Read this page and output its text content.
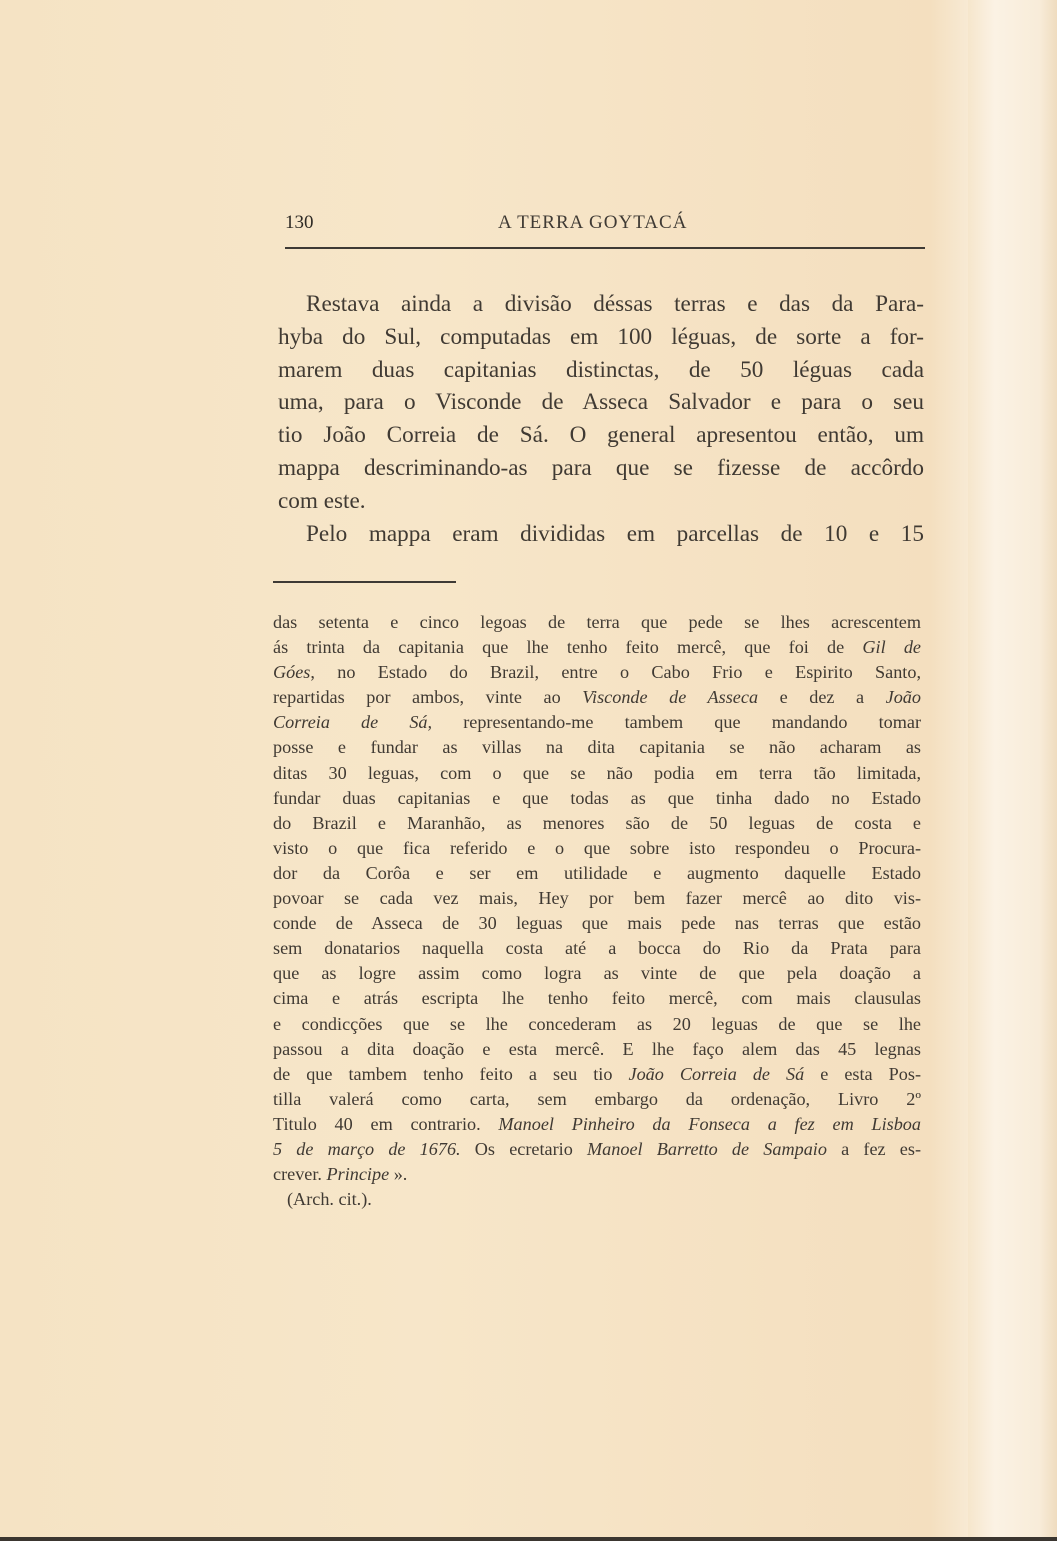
130	A TERRA GOYTACÁ

Restava ainda a divisão déssas terras e das da Para-
hyba do Sul, computadas em 100 léguas, de sorte a for-
marem duas capitanias distinctas, de 50 léguas cada
uma, para o Visconde de Asseca Salvador e para o seu
tio João Correia de Sá. O general apresentou então, um
mappa descriminando-as para que se fizesse de accôrdo
com este.

Pelo mappa eram divididas em parcellas de 10 e 15

das setenta e cinco legoas de terra que pede se lhes acrescentem
ás trinta da capitania que lhe tenho feito mercê, que foi de Gil de
Góes, no Estado do Brazil, entre o Cabo Frio e Espirito Santo,
repartidas por ambos, vinte ao Visconde de Asseca e dez a João
Correia de Sá, representando-me tambem que mandando tomar
posse e fundar as villas na dita capitania se não acharam as
ditas 30 leguas, com o que se não podia em terra tão limitada,
fundar duas capitanias e que todas as que tinha dado no Estado
do Brazil e Maranhão, as menores são de 50 leguas de costa e
visto o que fica referido e o que sobre isto respondeu o Procura-
dor da Corôa e ser em utilidade e augmento daquelle Estado
povoar se cada vez mais, Hey por bem fazer mercê ao dito vis-
conde de Asseca de 30 leguas que mais pede nas terras que estão
sem donatarios naquella costa até a bocca do Rio da Prata para
que as logre assim como logra as vinte de que pela doação a
cima e atrás escripta lhe tenho feito mercê, com mais clausulas
e condicções que se lhe concederam as 20 leguas de que se lhe
passou a dita doação e esta mercê. E lhe faço alem das 45 legnas
de que tambem tenho feito a seu tio João Correia de Sá e esta Pos-
tilla valerá como carta, sem embargo da ordenação, Livro 2º
Titulo 40 em contrario. Manoel Pinheiro da Fonseca a fez em Lisboa
5 de março de 1676. Os ecretario Manoel Barretto de Sampaio a fez es-
crever. Principe ».

(Arch. cit.).
